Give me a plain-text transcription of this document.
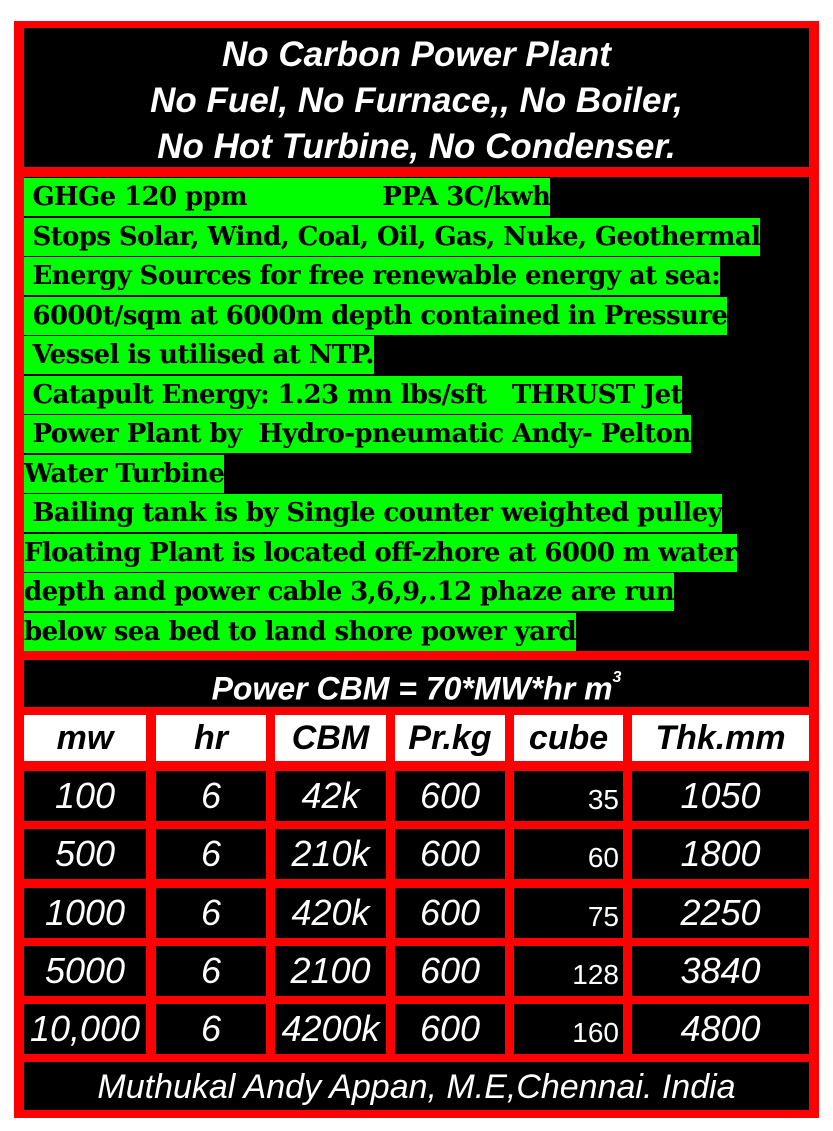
No Carbon Power Plant
No Fuel, No Furnace,, No Boiler,
No Hot Turbine, No Condenser.
GHGe 120 ppm                PPA 3C/kwh
Stops Solar, Wind, Coal, Oil, Gas, Nuke, Geothermal
Energy Sources for free renewable energy at sea:
6000t/sqm at 6000m depth contained in Pressure
Vessel is utilised at NTP.
Catapult Energy: 1.23 mn lbs/sft   THRUST Jet
Power Plant by  Hydro-pneumatic Andy- Pelton
Water Turbine
Bailing tank is by Single counter weighted pulley
Floating Plant is located off-zhore at 6000 m water
depth and power cable 3,6,9,.12 phaze are run
below sea bed to land shore power yard
Power CBM = 70*MW*hr $m^3$
mw	hr	CBM	Pr.kg	cube	Thk.mm
100	6	42k	600	35	1050
500	6	210k	600	60	1800
1000	6	420k	600	75	2250
5000	6	2100	600	128	3840
10,000	6	4200k	600	160	4800
Muthukal Andy Appan, M.E,Chennai. India
